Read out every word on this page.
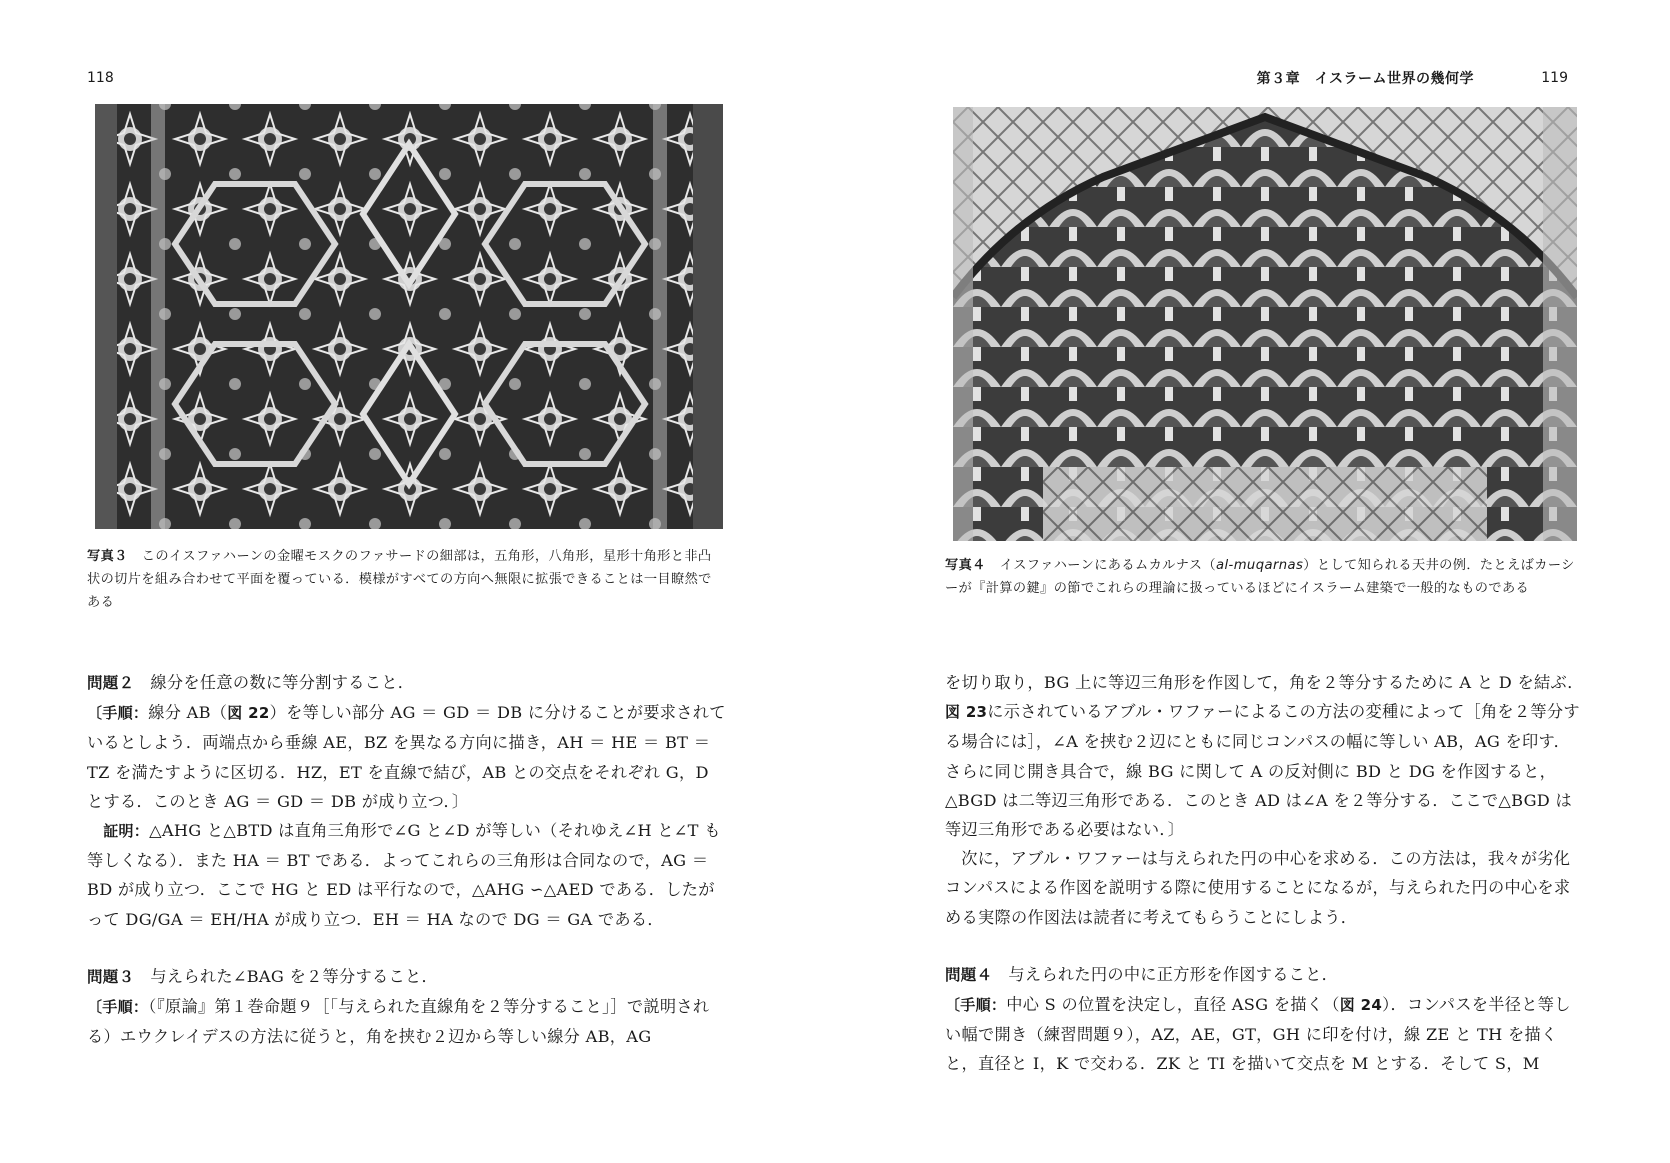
118
写真３ このイスファハーンの金曜モスクのファサードの細部は，五角形，八角形，星形十角形と非凸状の切片を組み合わせて平面を覆っている．模様がすべての方向へ無限に拡張できることは一目瞭然である

問題２ 線分を任意の数に等分割すること．

〔手順：線分 AB（図 22）を等しい部分 AG ＝ GD ＝ DB に分けることが要求されているとしよう．両端点から垂線 AE，BZ を異なる方向に描き，AH ＝ HE ＝ BT ＝ TZ を満たすように区切る．HZ，ET を直線で結び，AB との交点をそれぞれ G，D とする．このとき AG ＝ GD ＝ DB が成り立つ．〕

証明：△AHG と△BTD は直角三角形で∠G と∠D が等しい（それゆえ∠H と∠T も等しくなる）．また HA ＝ BT である．よってこれらの三角形は合同なので，AG ＝ BD が成り立つ．ここで HG と ED は平行なので，△AHG ∽△AED である．したがって DG/GA ＝ EH/HA が成り立つ．EH ＝ HA なので DG ＝ GA である．

問題３ 与えられた∠BAG を２等分すること．

〔手順：（『原論』第１巻命題９［「与えられた直線角を２等分すること」］で説明される）エウクレイデスの方法に従うと，角を挟む２辺から等しい線分 AB，AG

第３章　イスラーム世界の幾何学	119
写真４ イスファハーンにあるムカルナス（al-muqarnas）として知られる天井の例．たとえばカーシーが『計算の鍵』の節でこれらの理論に扱っているほどにイスラーム建築で一般的なものである

を切り取り，BG 上に等辺三角形を作図して，角を２等分するために A と D を結ぶ．図 23に示されているアブル・ワファーによるこの方法の変種によって［角を２等分する場合には］，∠A を挟む２辺にともに同じコンパスの幅に等しい AB，AG を印す．さらに同じ開き具合で，線 BG に関して A の反対側に BD と DG を作図すると，△BGD は二等辺三角形である．このとき AD は∠A を２等分する．ここで△BGD は等辺三角形である必要はない．〕

次に，アブル・ワファーは与えられた円の中心を求める．この方法は，我々が劣化コンパスによる作図を説明する際に使用することになるが，与えられた円の中心を求める実際の作図法は読者に考えてもらうことにしよう．

問題４ 与えられた円の中に正方形を作図すること．

〔手順：中心 S の位置を決定し，直径 ASG を描く（図 24）．コンパスを半径と等しい幅で開き（練習問題９），AZ，AE，GT，GH に印を付け，線 ZE と TH を描くと，直径と I，K で交わる．ZK と TI を描いて交点を M とする．そして S，M
